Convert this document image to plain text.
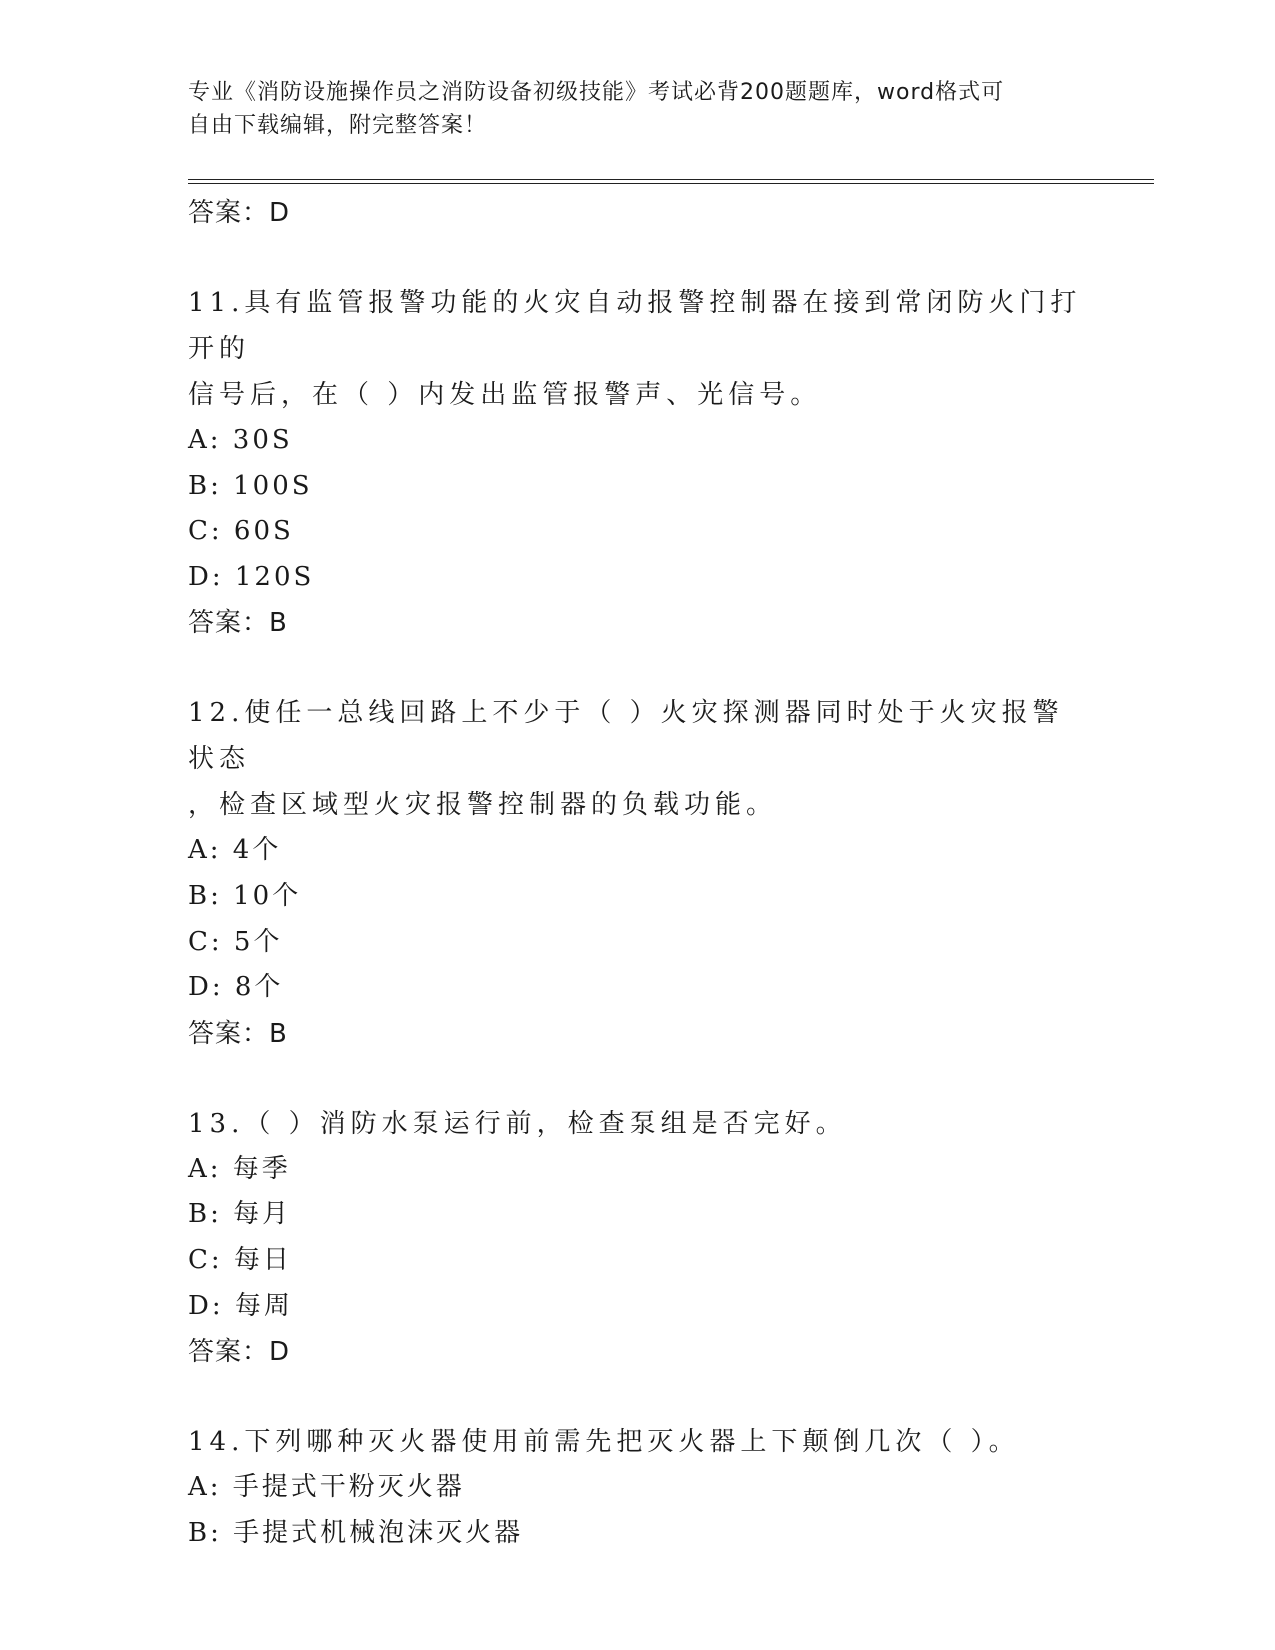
专业《消防设施操作员之消防设备初级技能》考试必背200题题库，word格式可
自由下载编辑，附完整答案！

答案：D

11.具有监管报警功能的火灾自动报警控制器在接到常闭防火门打开的

信号后，在（ ）内发出监管报警声、光信号。

A: 30S

B: 100S

C: 60S

D: 120S

答案：B

12.使任一总线回路上不少于（ ）火灾探测器同时处于火灾报警状态

，检查区域型火灾报警控制器的负载功能。

A: 4个

B: 10个

C: 5个

D: 8个

答案：B

13.（ ）消防水泵运行前，检查泵组是否完好。

A: 每季

B: 每月

C: 每日

D: 每周

答案：D

14.下列哪种灭火器使用前需先把灭火器上下颠倒几次（ ）。

A: 手提式干粉灭火器

B: 手提式机械泡沫灭火器
